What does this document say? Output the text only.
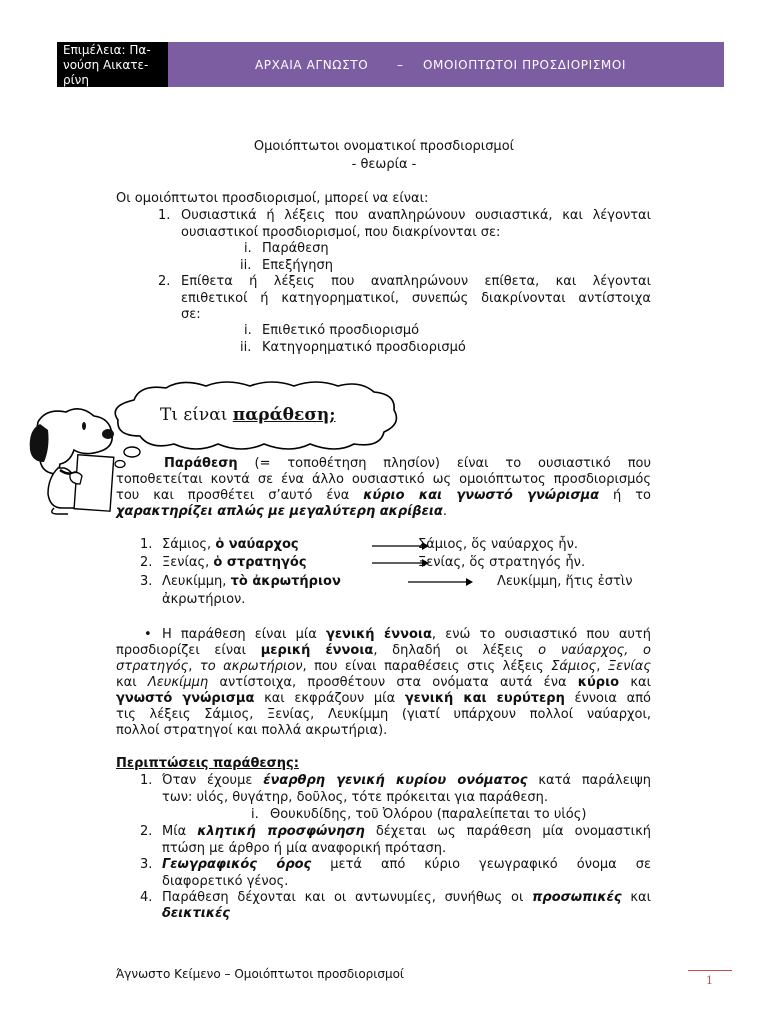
Επιμέλεια: Πα-
νούση Αικατε-
ρίνη
ΑΡΧΑΙΑ ΑΓΝΩΣΤΟ – ΟΜΟΙΟΠΤΩΤΟΙ ΠΡΟΣΔΙΟΡΙΣΜΟΙ
Ομοιόπτωτοι ονοματικοί προσδιορισμοί
- θεωρία -
Οι ομοιόπτωτοι προσδιορισμοί, μπορεί να είναι:
1. Ουσιαστικά ή λέξεις που αναπληρώνουν ουσιαστικά, και λέγονται
ουσιαστικοί προσδιορισμοί, που διακρίνονται σε:
i. Παράθεση
ii. Επεξήγηση
2. Επίθετα ή λέξεις που αναπληρώνουν επίθετα, και λέγονται
επιθετικοί ή κατηγορηματικοί, συνεπώς διακρίνονται αντίστοιχα
σε:
i. Επιθετικό προσδιορισμό
ii. Κατηγορηματικό προσδιορισμό
Τι είναι παράθεση;
Παράθεση (= τοποθέτηση πλησίον) είναι το ουσιαστικό που
τοποθετείται κοντά σε ένα άλλο ουσιαστικό ως ομοιόπτωτος προσδιορισμός
του και προσθέτει σ’αυτό ένα κύριο και γνωστό γνώρισμα ή το
χαρακτηρίζει απλώς με μεγαλύτερη ακρίβεια.
1. Σάμιος, ὁ ναύαρχος	Σάμιος, ὅς ναύαρχος ἦν.
2. Ξενίας, ὁ στρατηγός	Ξενίας, ὅς στρατηγός ἦν.
3. Λευκίμμη, τὸ ἀκρωτήριον	Λευκίμμη, ἥτις ἐστὶν
ἀκρωτήριον.
• Η παράθεση είναι μία γενική έννοια, ενώ το ουσιαστικό που αυτή
προσδιορίζει είναι μερική έννοια, δηλαδή οι λέξεις ο ναύαρχος, ο
στρατηγός, το ακρωτήριον, που είναι παραθέσεις στις λέξεις Σάμιος, Ξενίας
και Λευκίμμη αντίστοιχα, προσθέτουν στα ονόματα αυτά ένα κύριο και
γνωστό γνώρισμα και εκφράζουν μία γενική και ευρύτερη έννοια από
τις λέξεις Σάμιος, Ξενίας, Λευκίμμη (γιατί υπάρχουν πολλοί ναύαρχοι,
πολλοί στρατηγοί και πολλά ακρωτήρια).
Περιπτώσεις παράθεσης:
1. Όταν έχουμε έναρθρη γενική κυρίου ονόματος κατά παράλειψη
των: υἱός, θυγάτηρ, δοῦλος, τότε πρόκειται για παράθεση.
i. Θουκυδίδης, τοῦ Ὀλόρου (παραλείπεται το υἱός)
2. Μία κλητική προσφώνηση δέχεται ως παράθεση μία ονομαστική
πτώση με άρθρο ή μία αναφορική πρόταση.
3. Γεωγραφικός όρος μετά από κύριο γεωγραφικό όνομα σε
διαφορετικό γένος.
4. Παράθεση δέχονται και οι αντωνυμίες, συνήθως οι προσωπικές και
δεικτικές
Άγνωστο Κείμενο – Ομοιόπτωτοι προσδιορισμοί	1
